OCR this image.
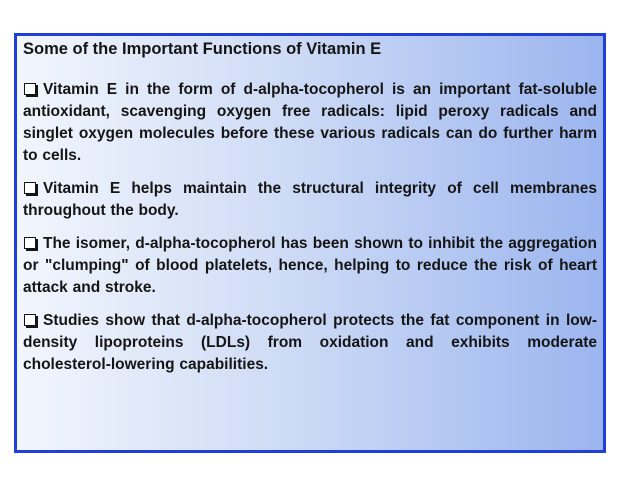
Some of the Important Functions of Vitamin E
Vitamin E in the form of d-alpha-tocopherol is an important fat-soluble antioxidant, scavenging oxygen free radicals: lipid peroxy radicals and singlet oxygen molecules before these various radicals can do further harm to cells.
Vitamin E helps maintain the structural integrity of cell membranes throughout the body.
The isomer, d-alpha-tocopherol has been shown to inhibit the aggregation or "clumping" of blood platelets, hence, helping to reduce the risk of heart attack and stroke.
Studies show that d-alpha-tocopherol protects the fat component in low-density lipoproteins (LDLs) from oxidation and exhibits moderate cholesterol-lowering capabilities.
